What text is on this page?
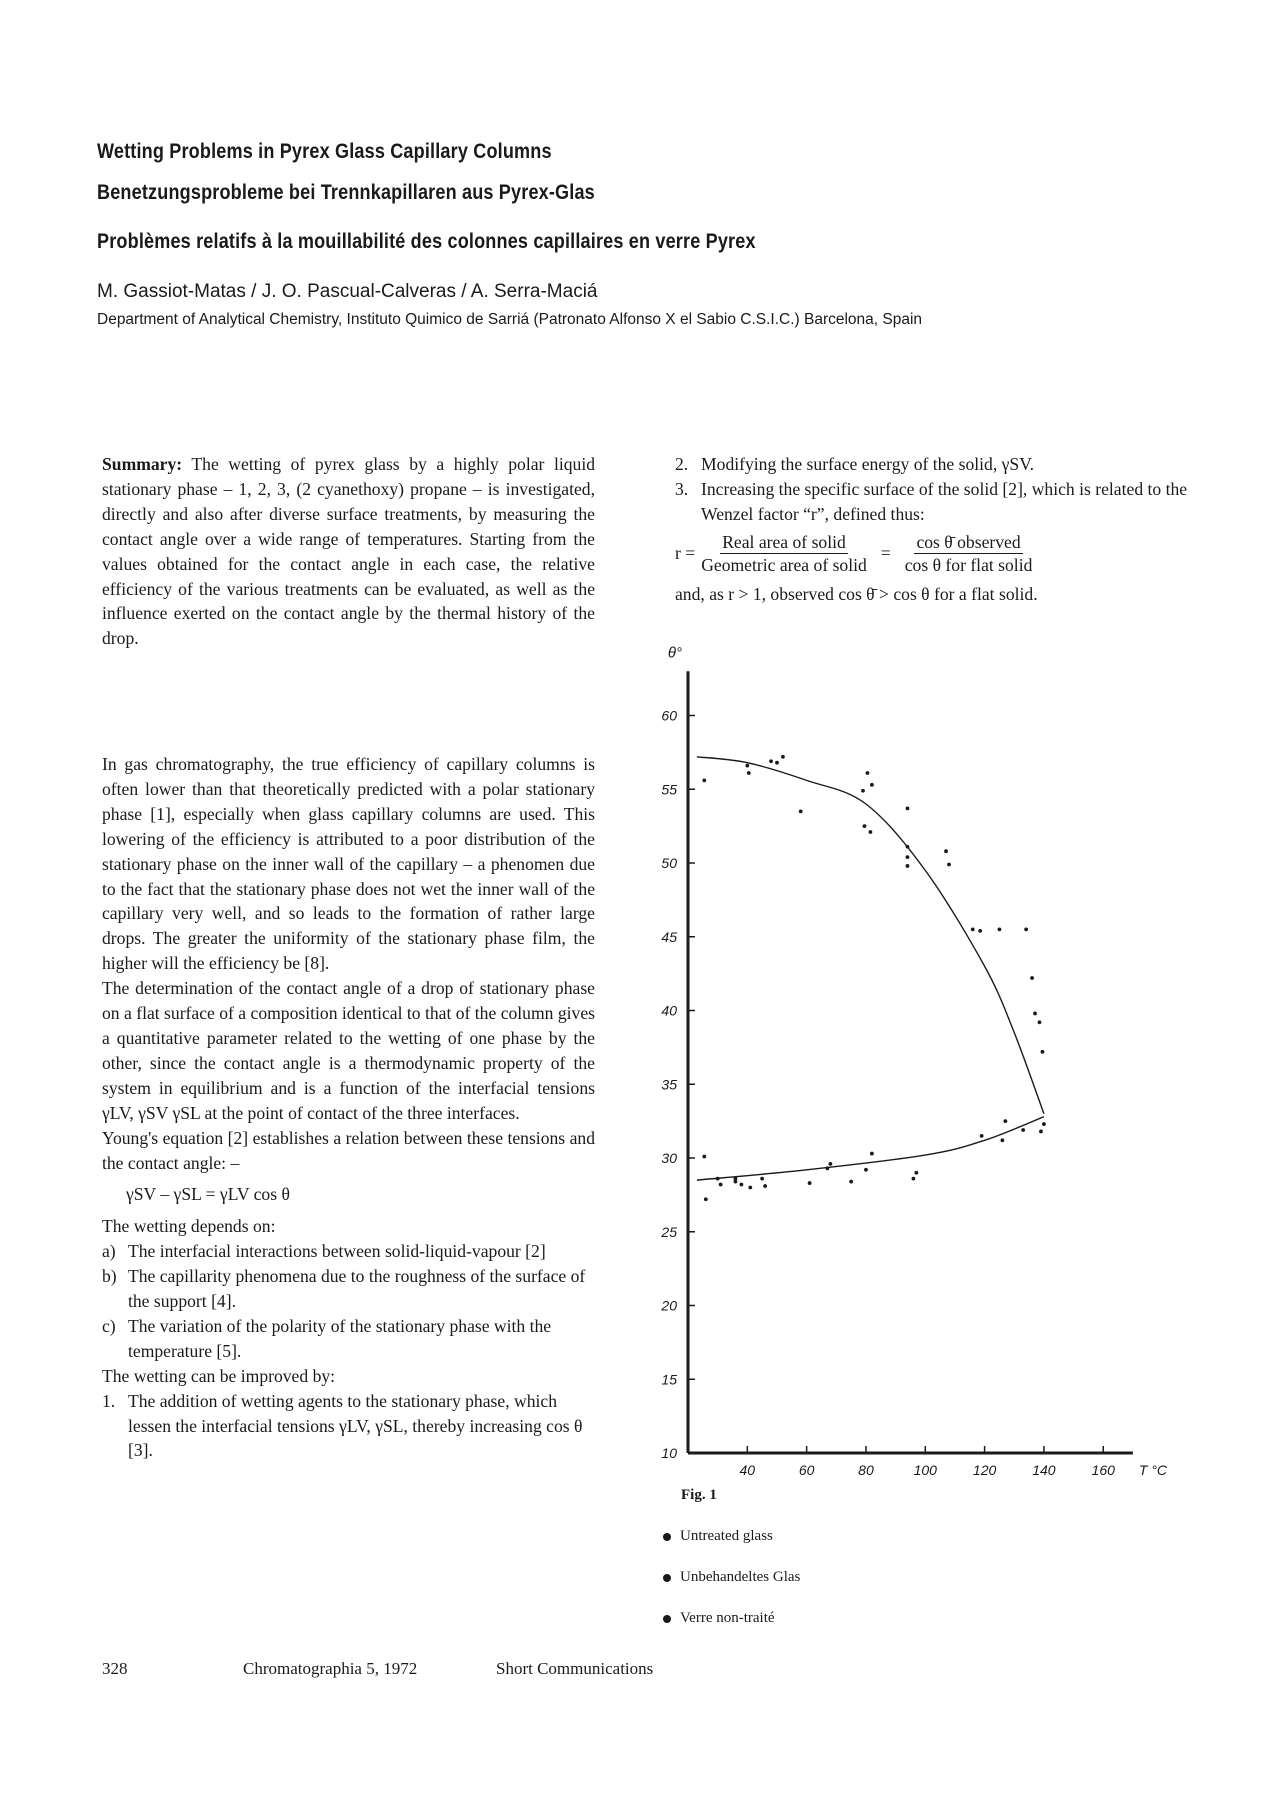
Wetting Problems in Pyrex Glass Capillary Columns
Benetzungsprobleme bei Trennkapillaren aus Pyrex-Glas
Problèmes relatifs à la mouillabilité des colonnes capillaires en verre Pyrex
M. Gassiot-Matas / J. O. Pascual-Calveras / A. Serra-Maciá
Department of Analytical Chemistry, Instituto Quimico de Sarriá (Patronato Alfonso X el Sabio C.S.I.C.) Barcelona, Spain
Summary: The wetting of pyrex glass by a highly polar liquid stationary phase – 1, 2, 3, (2 cyanethoxy) propane – is investigated, directly and also after diverse surface treatments, by measuring the contact angle over a wide range of temperatures. Starting from the values obtained for the contact angle in each case, the relative efficiency of the various treatments can be evaluated, as well as the influence exerted on the contact angle by the thermal history of the drop.

In gas chromatography, the true efficiency of capillary columns is often lower than that theoretically predicted with a polar stationary phase [1], especially when glass capillary columns are used. This lowering of the efficiency is attributed to a poor distribution of the stationary phase on the inner wall of the capillary – a phenomen due to the fact that the stationary phase does not wet the inner wall of the capillary very well, and so leads to the formation of rather large drops. The greater the uniformity of the stationary phase film, the higher will the efficiency be [8].

The determination of the contact angle of a drop of stationary phase on a flat surface of a composition identical to that of the column gives a quantitative parameter related to the wetting of one phase by the other, since the contact angle is a thermodynamic property of the system in equilibrium and is a function of the interfacial tensions γLV, γSV γSL at the point of contact of the three interfaces.

Young's equation [2] establishes a relation between these tensions and the contact angle: –

γSV – γSL = γLV cos θ

The wetting depends on:

a) The interfacial interactions between solid-liquid-vapour [2]
b) The capillarity phenomena due to the roughness of the surface of the support [4].
c) The variation of the polarity of the stationary phase with the temperature [5].

The wetting can be improved by:

1. The addition of wetting agents to the stationary phase, which lessen the interfacial tensions γLV, γSL, thereby increasing cos θ [3].
2. Modifying the surface energy of the solid, γSV.
3. Increasing the specific surface of the solid [2], which is related to the Wenzel factor “r”, defined thus:
$r = \frac{\text{Real area of solid}}{\text{Geometric area of solid}} = \frac{\text{cos θ̄ observed}}{\text{cos θ for flat solid}}$

and, as r > 1, observed cos θ̄ > cos θ for a flat solid.

60
55
50
45
40
35
30
25
20
15
10
40	60	80	100	120	140	160
θ°
T °C
Fig. 1
Untreated glass
Unbehandeltes Glas
Verre non-traité
328	Chromatographia 5, 1972	Short Communications
